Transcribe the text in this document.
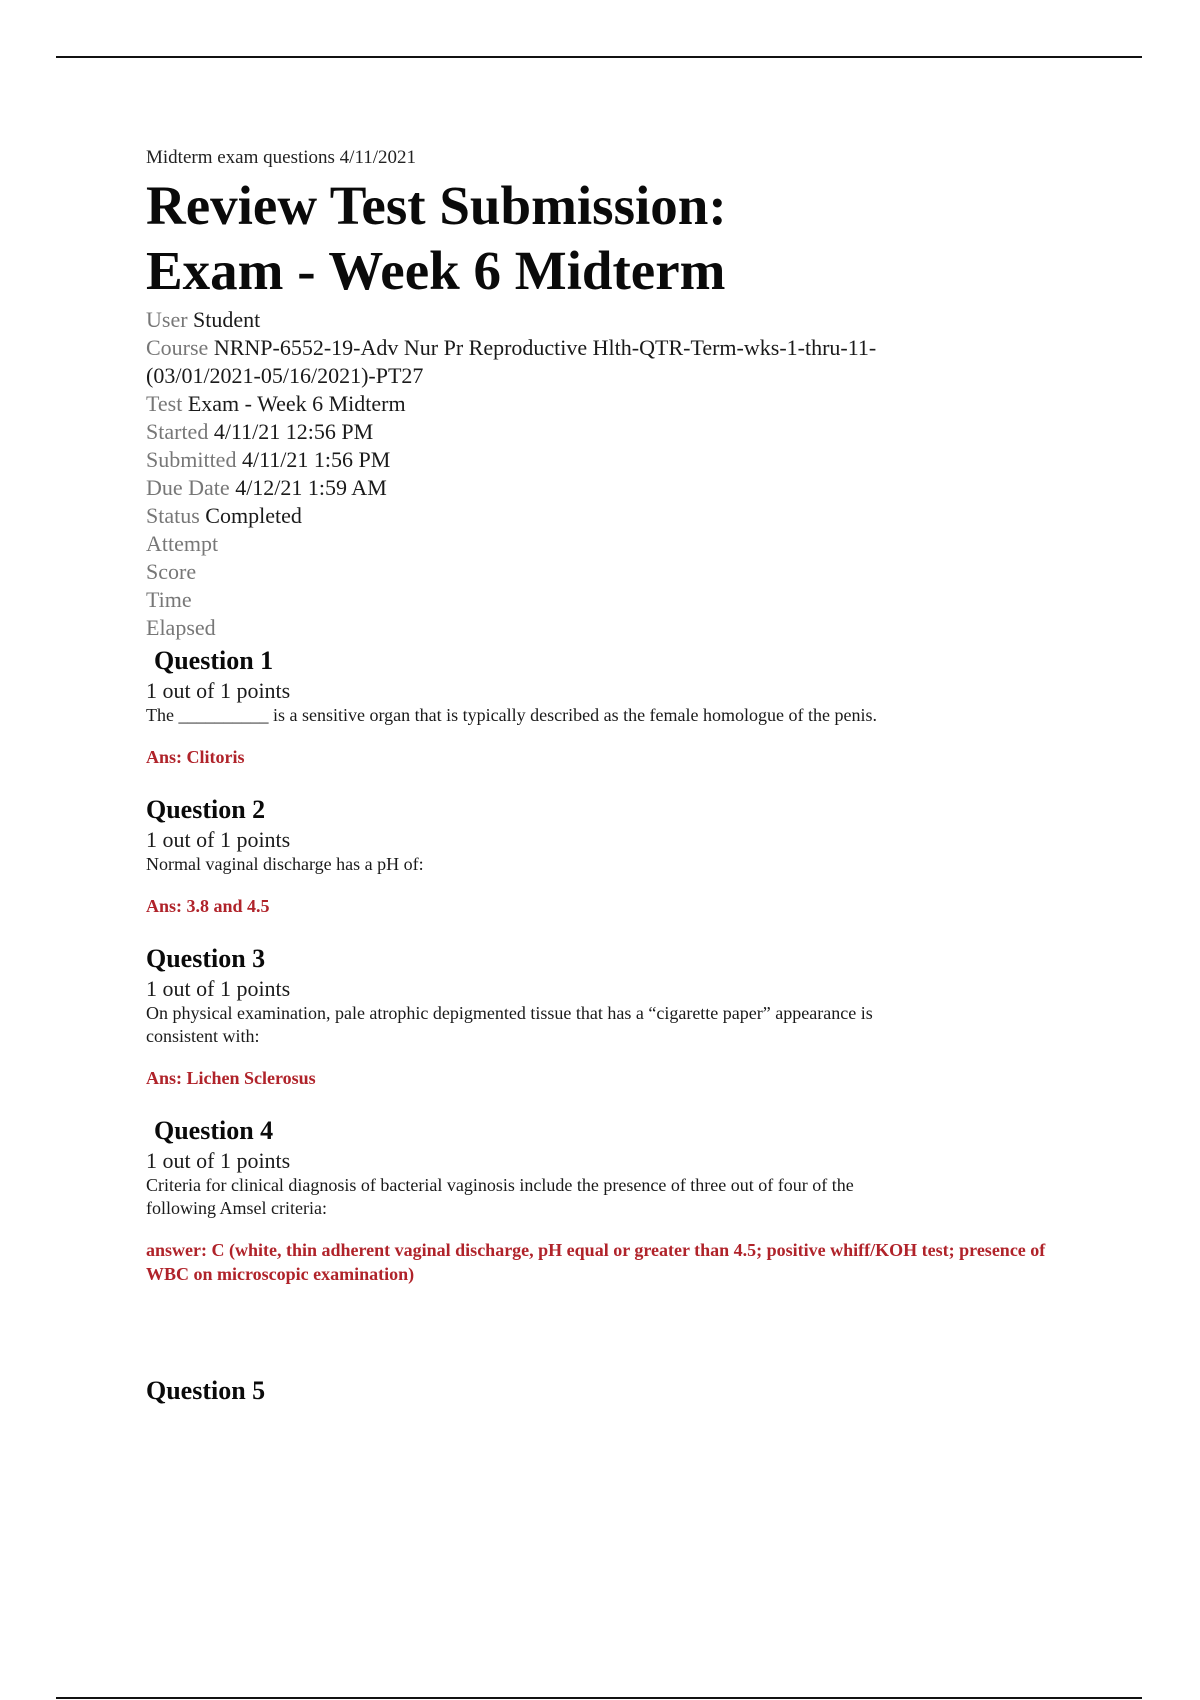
Midterm exam questions 4/11/2021
Review Test Submission:
Exam - Week 6 Midterm
User Student
Course NRNP-6552-19-Adv Nur Pr Reproductive Hlth-QTR-Term-wks-1-thru-11-(03/01/2021-05/16/2021)-PT27
Test Exam - Week 6 Midterm
Started 4/11/21 12:56 PM
Submitted 4/11/21 1:56 PM
Due Date 4/12/21 1:59 AM
Status Completed
Attempt
Score
Time
Elapsed
Question 1
1 out of 1 points
The __________ is a sensitive organ that is typically described as the female homologue of the penis.
Ans: Clitoris
Question 2
1 out of 1 points
Normal vaginal discharge has a pH of:
Ans: 3.8 and 4.5
Question 3
1 out of 1 points
On physical examination, pale atrophic depigmented tissue that has a “cigarette paper” appearance is consistent with:
Ans: Lichen Sclerosus
Question 4
1 out of 1 points
Criteria for clinical diagnosis of bacterial vaginosis include the presence of three out of four of the following Amsel criteria:
answer: C (white, thin adherent vaginal discharge, pH equal or greater than 4.5; positive whiff/KOH test; presence of WBC on microscopic examination)
Question 5
